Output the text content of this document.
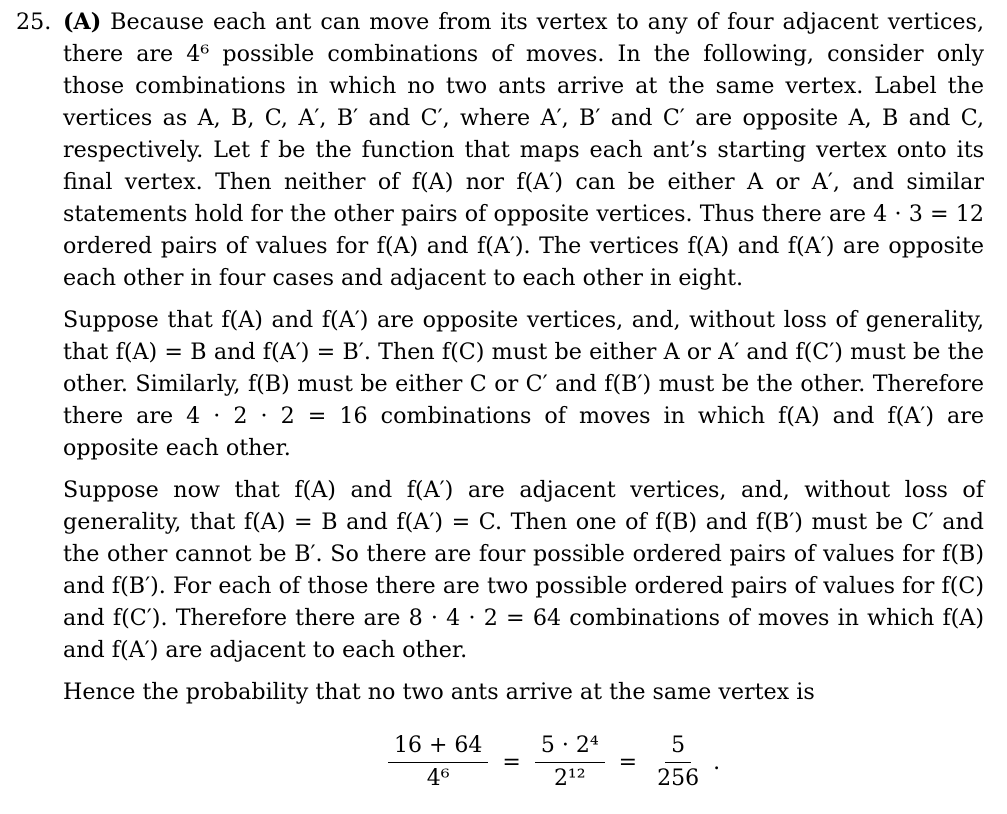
25. (A) Because each ant can move from its vertex to any of four adjacent vertices, there are 4⁶ possible combinations of moves. In the following, consider only those combinations in which no two ants arrive at the same vertex. Label the vertices as A, B, C, A′, B′ and C′, where A′, B′ and C′ are opposite A, B and C, respectively. Let f be the function that maps each ant’s starting vertex onto its final vertex. Then neither of f(A) nor f(A′) can be either A or A′, and similar statements hold for the other pairs of opposite vertices. Thus there are 4 · 3 = 12 ordered pairs of values for f(A) and f(A′). The vertices f(A) and f(A′) are opposite each other in four cases and adjacent to each other in eight.

Suppose that f(A) and f(A′) are opposite vertices, and, without loss of generality, that f(A) = B and f(A′) = B′. Then f(C) must be either A or A′ and f(C′) must be the other. Similarly, f(B) must be either C or C′ and f(B′) must be the other. Therefore there are 4 · 2 · 2 = 16 combinations of moves in which f(A) and f(A′) are opposite each other.

Suppose now that f(A) and f(A′) are adjacent vertices, and, without loss of generality, that f(A) = B and f(A′) = C. Then one of f(B) and f(B′) must be C′ and the other cannot be B′. So there are four possible ordered pairs of values for f(B) and f(B′). For each of those there are two possible ordered pairs of values for f(C) and f(C′). Therefore there are 8 · 4 · 2 = 64 combinations of moves in which f(A) and f(A′) are adjacent to each other.

Hence the probability that no two ants arrive at the same vertex is

$\frac{16 + 64}{\text{4⁶}} = \frac{\text{5 · 2⁴}}{\text{2¹²}} = \frac{5}{256}$ .
